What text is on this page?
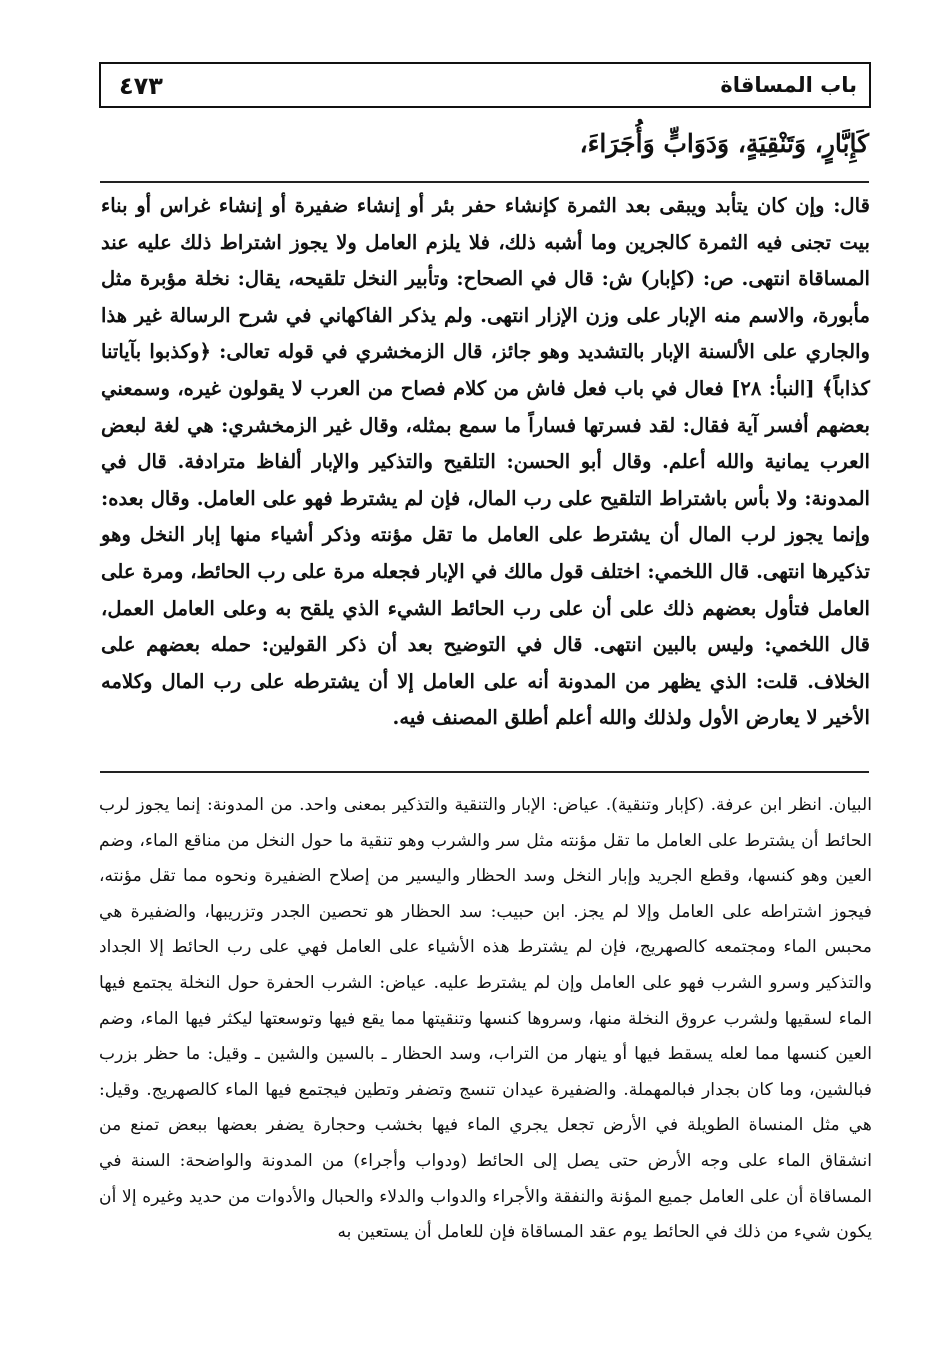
باب المساقاة
٤٧٣
كَإِبَّارٍ، وَتَنْقِيَةٍ، وَدَوَابٍّ وَأُجَرَاءَ،

قال: وإن كان يتأبد ويبقى بعد الثمرة كإنشاء حفر بئر أو إنشاء ضفيرة أو إنشاء غراس أو بناء بيت تجنى فيه الثمرة كالجرين وما أشبه ذلك، فلا يلزم العامل ولا يجوز اشتراط ذلك عليه عند المساقاة انتهى. ص: (كإبار) ش: قال في الصحاح: وتأبير النخل تلقيحه، يقال: نخلة مؤبرة مثل مأبورة، والاسم منه الإبار على وزن الإزار انتهى. ولم يذكر الفاكهاني في شرح الرسالة غير هذا والجاري على الألسنة الإبار بالتشديد وهو جائز، قال الزمخشري في قوله تعالى: ﴿وكذبوا بآياتنا كذاباً﴾ [النبأ: ٢٨] فعال في باب فعل فاش من كلام فصاح من العرب لا يقولون غيره، وسمعني بعضهم أفسر آية فقال: لقد فسرتها فساراً ما سمع بمثله، وقال غير الزمخشري: هي لغة لبعض العرب يمانية والله أعلم. وقال أبو الحسن: التلقيح والتذكير والإبار ألفاظ مترادفة. قال في المدونة: ولا بأس باشتراط التلقيح على رب المال، فإن لم يشترط فهو على العامل. وقال بعده: وإنما يجوز لرب المال أن يشترط على العامل ما تقل مؤنته وذكر أشياء منها إبار النخل وهو تذكيرها انتهى. قال اللخمي: اختلف قول مالك في الإبار فجعله مرة على رب الحائط، ومرة على العامل فتأول بعضهم ذلك على أن على رب الحائط الشيء الذي يلقح به وعلى العامل العمل، قال اللخمي: وليس بالبين انتهى. قال في التوضيح بعد أن ذكر القولين: حمله بعضهم على الخلاف. قلت: الذي يظهر من المدونة أنه على العامل إلا أن يشترطه على رب المال وكلامه الأخير لا يعارض الأول ولذلك والله أعلم أطلق المصنف فيه.

البيان. انظر ابن عرفة. (كإبار وتنقية). عياض: الإبار والتنقية والتذكير بمعنى واحد. من المدونة: إنما يجوز لرب الحائط أن يشترط على العامل ما تقل مؤنته مثل سر والشرب وهو تنقية ما حول النخل من مناقع الماء، وضم العين وهو كنسها، وقطع الجريد وإبار النخل وسد الحظار واليسير من إصلاح الضفيرة ونحوه مما تقل مؤنته، فيجوز اشتراطه على العامل وإلا لم يجز. ابن حبيب: سد الحظار هو تحصين الجدر وتزريبها، والضفيرة هي محبس الماء ومجتمعه كالصهريج، فإن لم يشترط هذه الأشياء على العامل فهي على رب الحائط إلا الجداد والتذكير وسرو الشرب فهو على العامل وإن لم يشترط عليه. عياض: الشرب الحفرة حول النخلة يجتمع فيها الماء لسقيها ولشرب عروق النخلة منها، وسروها كنسها وتنقيتها مما يقع فيها وتوسعتها ليكثر فيها الماء، وضم العين كنسها مما لعله يسقط فيها أو ينهار من التراب، وسد الحظار ـ بالسين والشين ـ وقيل: ما حظر بزرب فبالشين، وما كان بجدار فبالمهملة. والضفيرة عيدان تنسج وتضفر وتطين فيجتمع فيها الماء كالصهريج. وقيل: هي مثل المنساة الطويلة في الأرض تجعل يجري الماء فيها بخشب وحجارة يضفر بعضها ببعض تمنع من انشقاق الماء على وجه الأرض حتى يصل إلى الحائط (ودواب وأجراء) من المدونة والواضحة: السنة في المساقاة أن على العامل جميع المؤنة والنفقة والأجراء والدواب والدلاء والحبال والأدوات من حديد وغيره إلا أن يكون شيء من ذلك في الحائط يوم عقد المساقاة فإن للعامل أن يستعين به
